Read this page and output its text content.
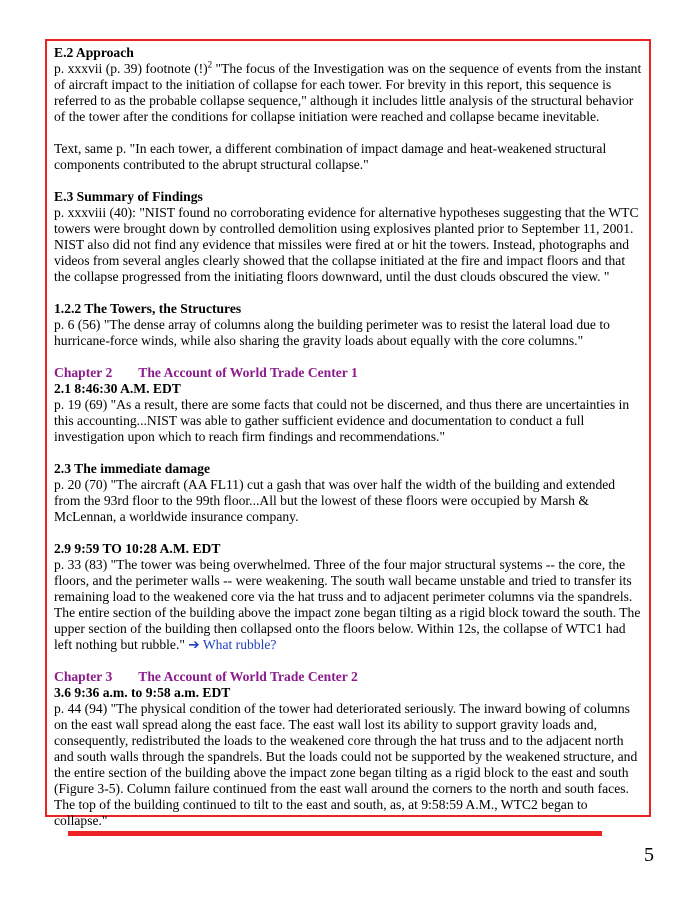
E.2 Approach

p. xxxvii (p. 39) footnote (!)$^2$ "The focus of the Investigation was on the sequence of events from the instant of aircraft impact to the initiation of collapse for each tower. For brevity in this report, this sequence is referred to as the probable collapse sequence," although it includes little analysis of the structural behavior of the tower after the conditions for collapse initiation were reached and collapse became inevitable.

Text, same p. "In each tower, a different combination of impact damage and heat-weakened structural components contributed to the abrupt structural collapse."

E.3 Summary of Findings

p. xxxviii (40): "NIST found no corroborating evidence for alternative hypotheses suggesting that the WTC towers were brought down by controlled demolition using explosives planted prior to September 11, 2001. NIST also did not find any evidence that missiles were fired at or hit the towers. Instead, photographs and videos from several angles clearly showed that the collapse initiated at the fire and impact floors and that the collapse progressed from the initiating floors downward, until the dust clouds obscured the view. "

1.2.2 The Towers, the Structures

p. 6 (56) "The dense array of columns along the building perimeter was to resist the lateral load due to hurricane-force winds, while also sharing the gravity loads about equally with the core columns."

Chapter 2 The Account of World Trade Center 1
2.1 8:46:30 A.M. EDT

p. 19 (69) "As a result, there are some facts that could not be discerned, and thus there are uncertainties in this accounting...NIST was able to gather sufficient evidence and documentation to conduct a full investigation upon which to reach firm findings and recommendations."

2.3 The immediate damage

p. 20 (70) "The aircraft (AA FL11) cut a gash that was over half the width of the building and extended from the 93rd floor to the 99th floor...All but the lowest of these floors were occupied by Marsh & McLennan, a worldwide insurance company.

2.9 9:59 TO 10:28 A.M. EDT

p. 33 (83) "The tower was being overwhelmed. Three of the four major structural systems -- the core, the floors, and the perimeter walls -- were weakening. The south wall became unstable and tried to transfer its remaining load to the weakened core via the hat truss and to adjacent perimeter columns via the spandrels. The entire section of the building above the impact zone began tilting as a rigid block toward the south. The upper section of the building then collapsed onto the floors below. Within 12s, the collapse of WTC1 had left nothing but rubble." ➔ What rubble?

Chapter 3 The Account of World Trade Center 2
3.6 9:36 a.m. to 9:58 a.m. EDT

p. 44 (94) "The physical condition of the tower had deteriorated seriously. The inward bowing of columns on the east wall spread along the east face. The east wall lost its ability to support gravity loads and, consequently, redistributed the loads to the weakened core through the hat truss and to the adjacent north and south walls through the spandrels. But the loads could not be supported by the weakened structure, and the entire section of the building above the impact zone began tilting as a rigid block to the east and south (Figure 3-5). Column failure continued from the east wall around the corners to the north and south faces. The top of the building continued to tilt to the east and south, as, at 9:58:59 A.M., WTC2 began to collapse."

5
